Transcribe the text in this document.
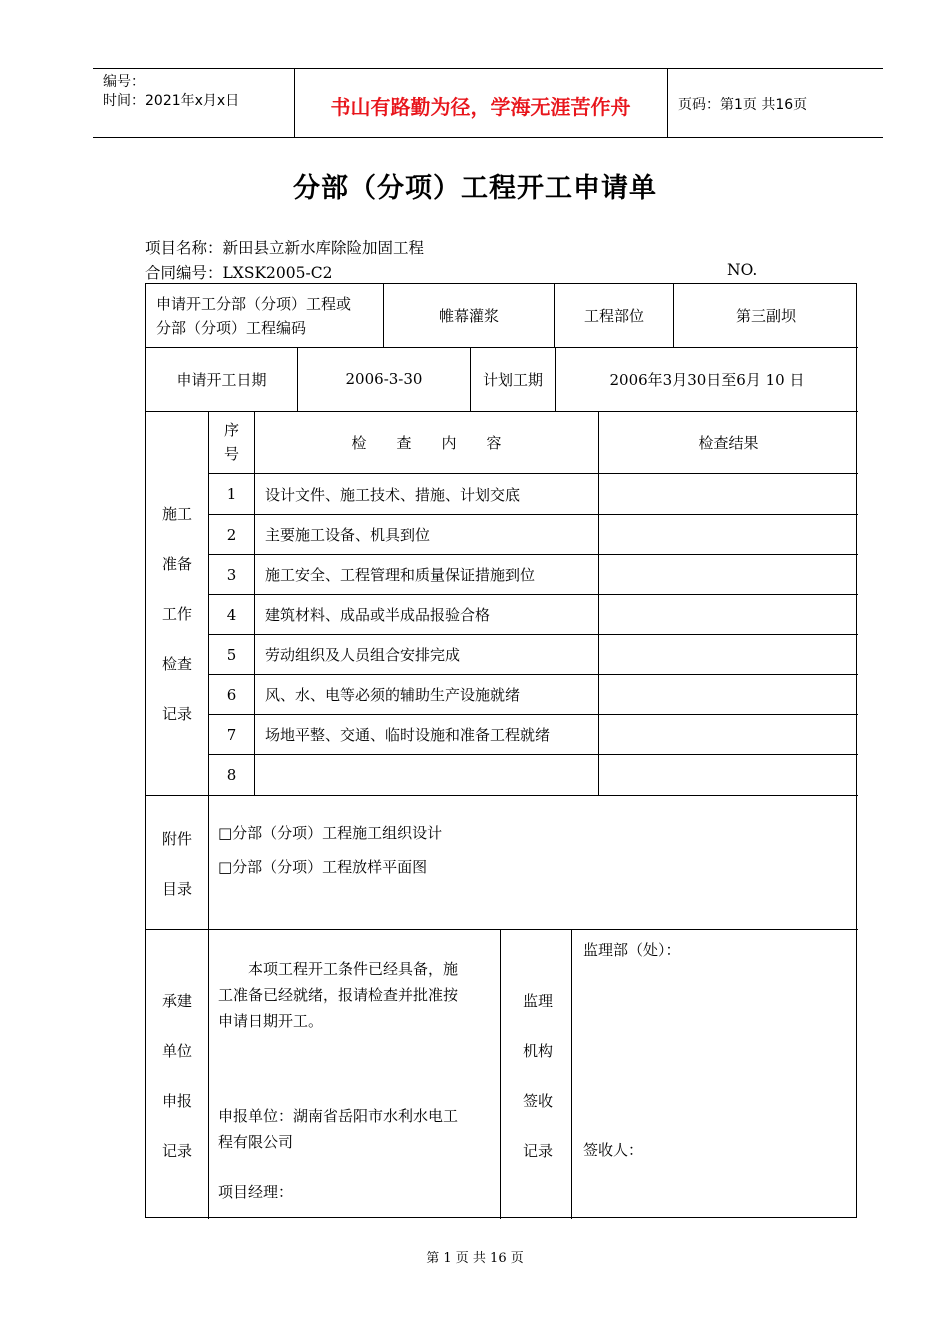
编号：
时间：2021年x月x日	书山有路勤为径，学海无涯苦作舟	页码：第1页 共16页
分部（分项）工程开工申请单
项目名称：新田县立新水库除险加固工程
合同编号：LXSK2005-C2	NO.
申请开工分部（分项）工程或
分部（分项）工程编码
帷幕灌浆	工程部位	第三副坝
申请开工日期	2006-3-30	计划工期	2006年3月30日至6月 10 日
施工
准备
工作
检查
记录
序
号
检　　查　　内　　容	检查结果
1	设计文件、施工技术、措施、计划交底
2	主要施工设备、机具到位
3	施工安全、工程管理和质量保证措施到位
4	建筑材料、成品或半成品报验合格
5	劳动组织及人员组合安排完成
6	风、水、电等必须的辅助生产设施就绪
7	场地平整、交通、临时设施和准备工程就绪
8
附件
目录
□分部（分项）工程施工组织设计
□分部（分项）工程放样平面图
承建
单位
申报
记录
　　本项工程开工条件已经具备，施
工准备已经就绪，报请检查并批准按
申请日期开工。
申报单位：湖南省岳阳市水利水电工
程有限公司
项目经理：
监理
机构
签收
记录
监理部（处）：
签收人：
第 1 页 共 16 页
